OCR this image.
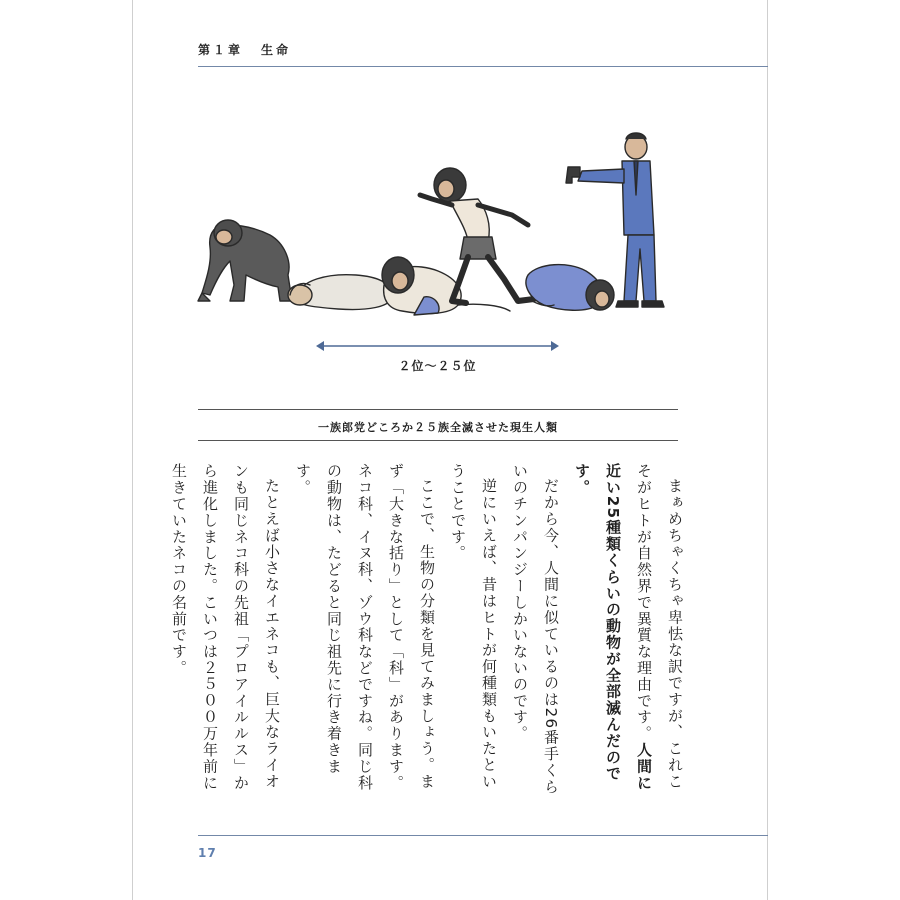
第１章 生命
２位～２５位
一族郎党どころか２５族全滅させた現生人類

まぁめちゃくちゃ卑怯な訳ですが、これこそがヒトが自然界で異質な理由です。人間に近い25種類くらいの動物が全部滅んだのです。

だから今、人間に似ているのは26番手くらいのチンパンジーしかいないのです。

逆にいえば、昔はヒトが何種類もいたということです。

ここで、生物の分類を見てみましょう。まず「大きな括り」として「科」があります。ネコ科、イヌ科、ゾウ科などですね。同じ科の動物は、たどると同じ祖先に行き着きます。

たとえば小さなイエネコも、巨大なライオンも同じネコ科の先祖「プロアイルルス」から進化しました。こいつは２５００万年前に生きていたネコの名前です。

17
